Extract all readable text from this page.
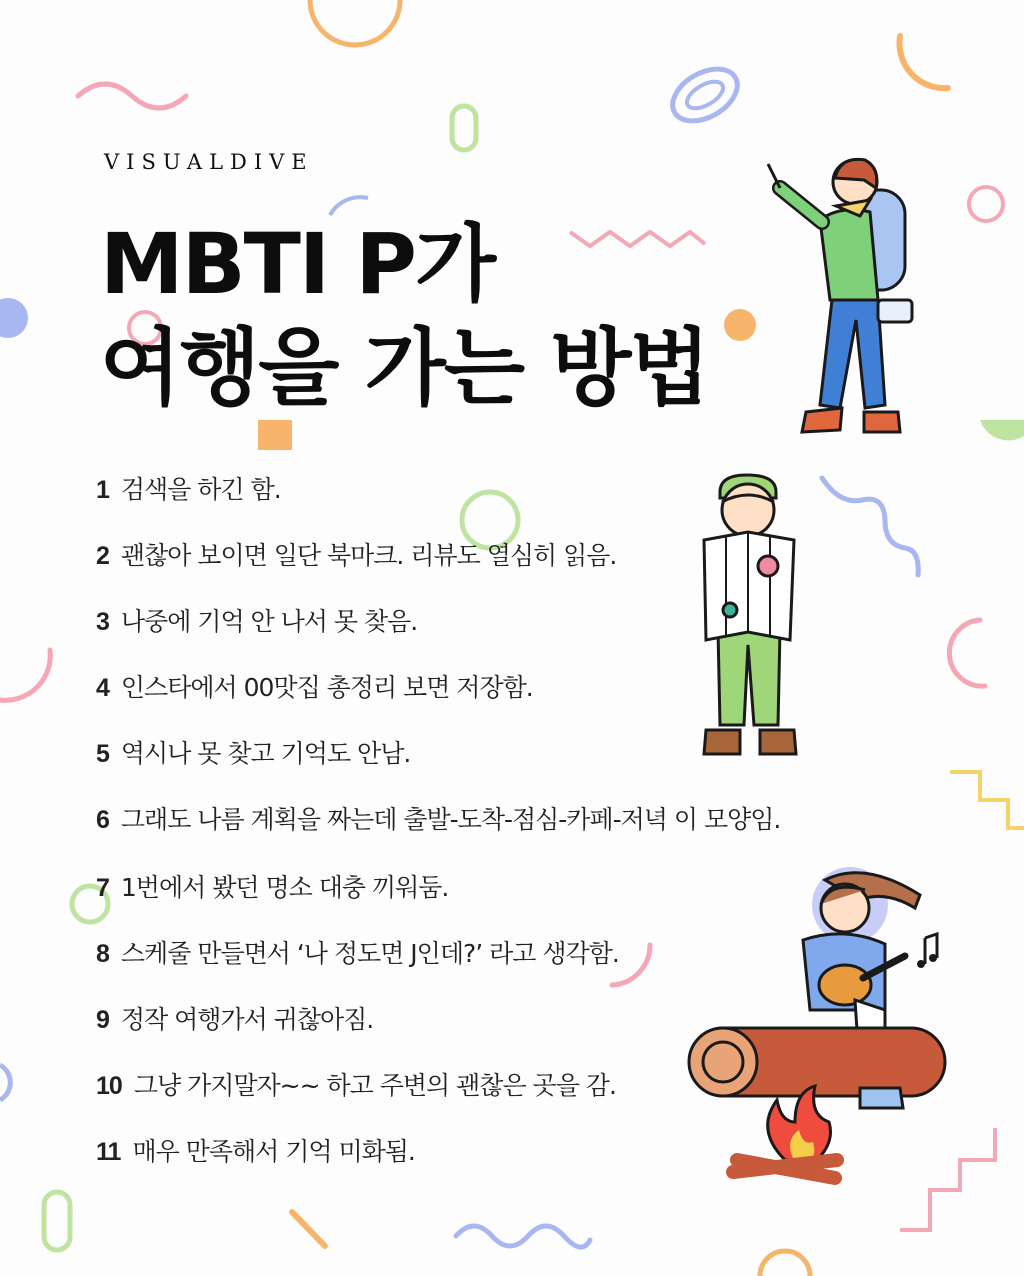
VISUALDIVE
MBTI P가
여행을 가는 방법
1 검색을 하긴 함.
2 괜찮아 보이면 일단 북마크. 리뷰도 열심히 읽음.
3 나중에 기억 안 나서 못 찾음.
4 인스타에서 00맛집 총정리 보면 저장함.
5 역시나 못 찾고 기억도 안남.
6 그래도 나름 계획을 짜는데 출발-도착-점심-카페-저녁 이 모양임.
7 1번에서 봤던 명소 대충 끼워둠.
8 스케줄 만들면서 ‘나 정도면 J인데?’ 라고 생각함.
9 정작 여행가서 귀찮아짐.
10 그냥 가지말자~~ 하고 주변의 괜찮은 곳을 감.
11 매우 만족해서 기억 미화됨.
